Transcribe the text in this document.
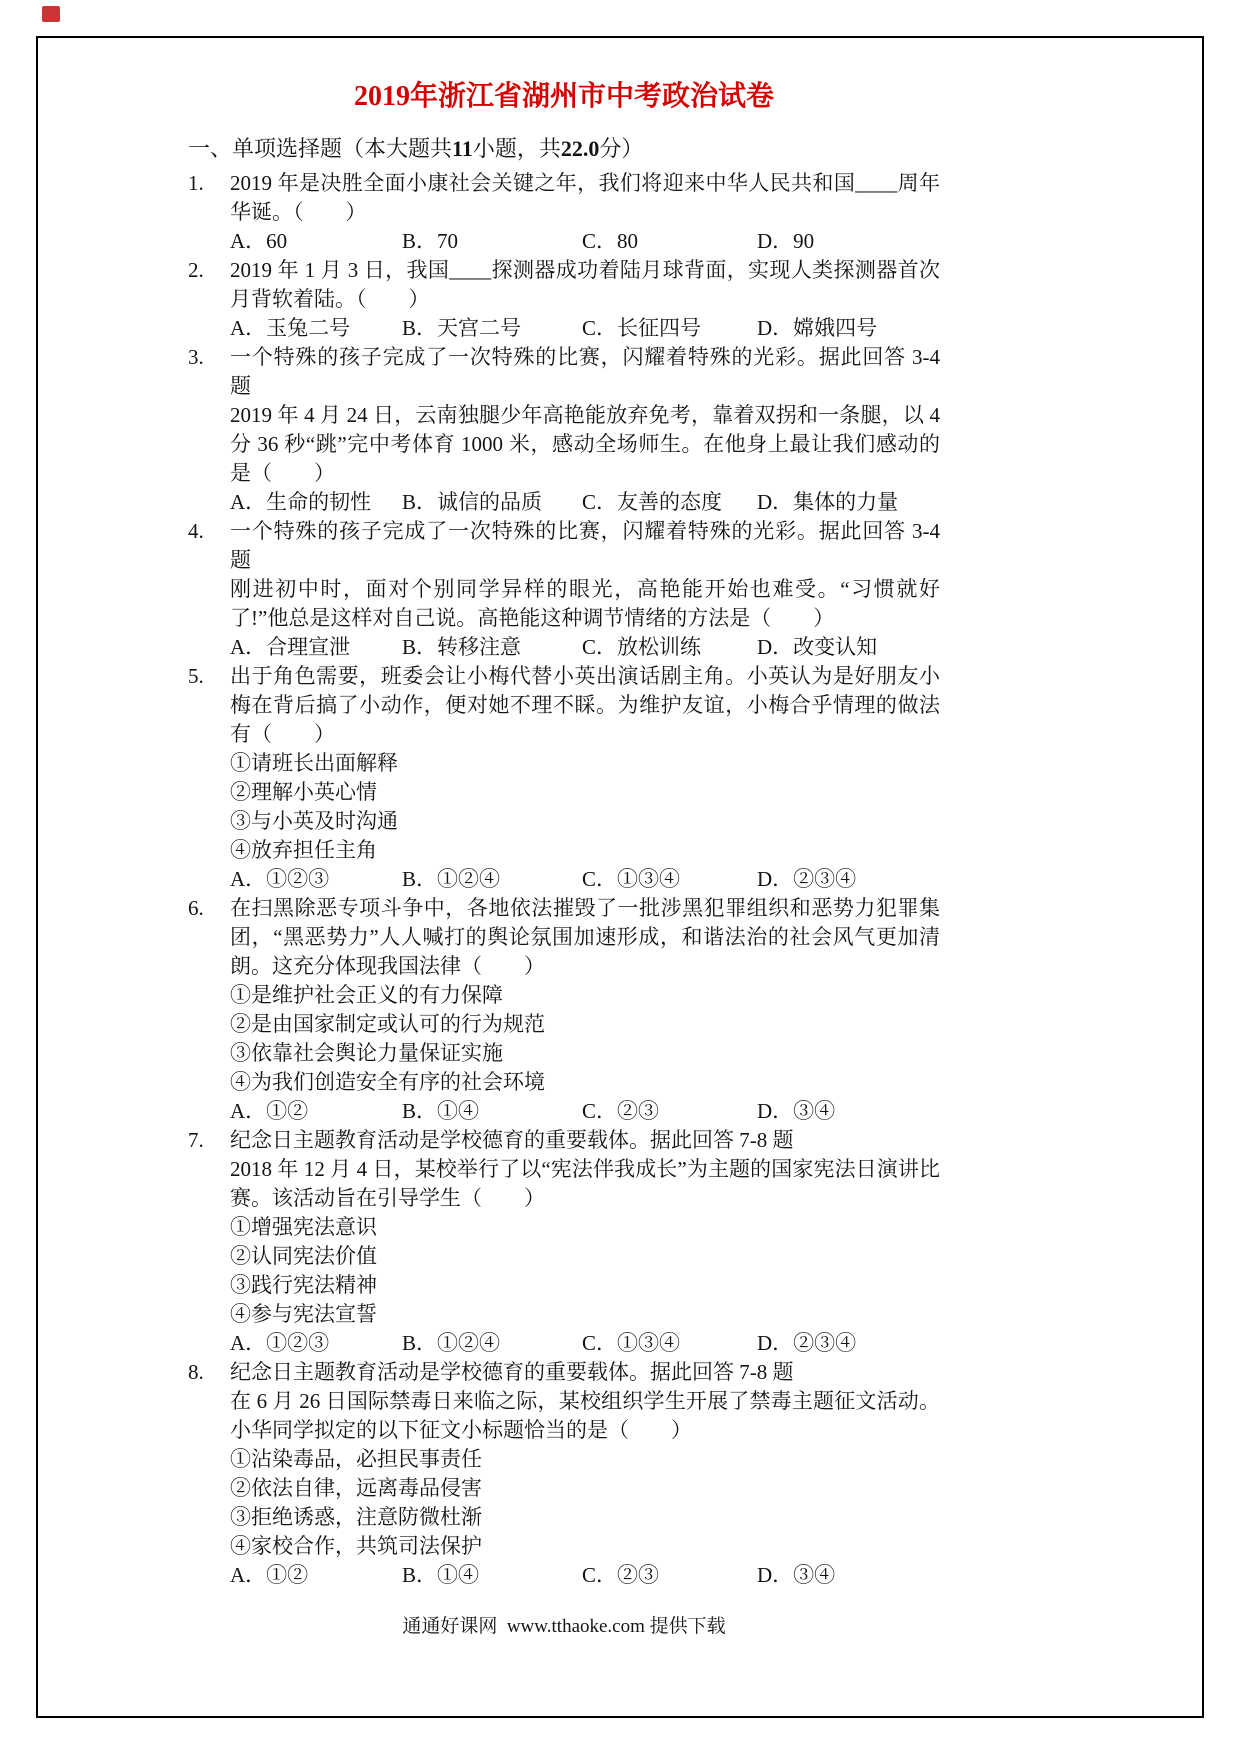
2019年浙江省湖州市中考政治试卷
一、单项选择题（本大题共11小题，共22.0分）
1.	2019 年是决胜全面小康社会关键之年，我们将迎来中华人民共和国____周年华诞。（　　）

A．60	B．70	C．80	D．90
2.	2019 年 1 月 3 日，我国____探测器成功着陆月球背面，实现人类探测器首次月背软着陆。（　　）

A．玉兔二号	B．天宫二号	C．长征四号	D．嫦娥四号
3.	一个特殊的孩子完成了一次特殊的比赛，闪耀着特殊的光彩。据此回答 3-4 题

2019 年 4 月 24 日，云南独腿少年高艳能放弃免考，靠着双拐和一条腿，以 4 分 36 秒“跳”完中考体育 1000 米，感动全场师生。在他身上最让我们感动的是（　　）

A．生命的韧性	B．诚信的品质	C．友善的态度	D．集体的力量
4.	一个特殊的孩子完成了一次特殊的比赛，闪耀着特殊的光彩。据此回答 3-4 题

刚进初中时，面对个别同学异样的眼光，高艳能开始也难受。“习惯就好了!”他总是这样对自己说。高艳能这种调节情绪的方法是（　　）

A．合理宣泄	B．转移注意	C．放松训练	D．改变认知
5.	出于角色需要，班委会让小梅代替小英出演话剧主角。小英认为是好朋友小梅在背后搞了小动作，便对她不理不睬。为维护友谊，小梅合乎情理的做法有（　　）

①请班长出面解释

②理解小英心情

③与小英及时沟通

④放弃担任主角

A．①②③	B．①②④	C．①③④	D．②③④
6.	在扫黑除恶专项斗争中，各地依法摧毁了一批涉黑犯罪组织和恶势力犯罪集团，“黑恶势力”人人喊打的舆论氛围加速形成，和谐法治的社会风气更加清朗。这充分体现我国法律（　　）

①是维护社会正义的有力保障

②是由国家制定或认可的行为规范

③依靠社会舆论力量保证实施

④为我们创造安全有序的社会环境

A．①②	B．①④	C．②③	D．③④
7.	纪念日主题教育活动是学校德育的重要载体。据此回答 7-8 题

2018 年 12 月 4 日，某校举行了以“宪法伴我成长”为主题的国家宪法日演讲比赛。该活动旨在引导学生（　　）

①增强宪法意识

②认同宪法价值

③践行宪法精神

④参与宪法宣誓

A．①②③	B．①②④	C．①③④	D．②③④
8.	纪念日主题教育活动是学校德育的重要载体。据此回答 7-8 题

在 6 月 26 日国际禁毒日来临之际，某校组织学生开展了禁毒主题征文活动。小华同学拟定的以下征文小标题恰当的是（　　）

①沾染毒品，必担民事责任

②依法自律，远离毒品侵害

③拒绝诱惑，注意防微杜渐

④家校合作，共筑司法保护

A．①②	B．①④	C．②③	D．③④
通通好课网  www.tthaoke.com 提供下载
